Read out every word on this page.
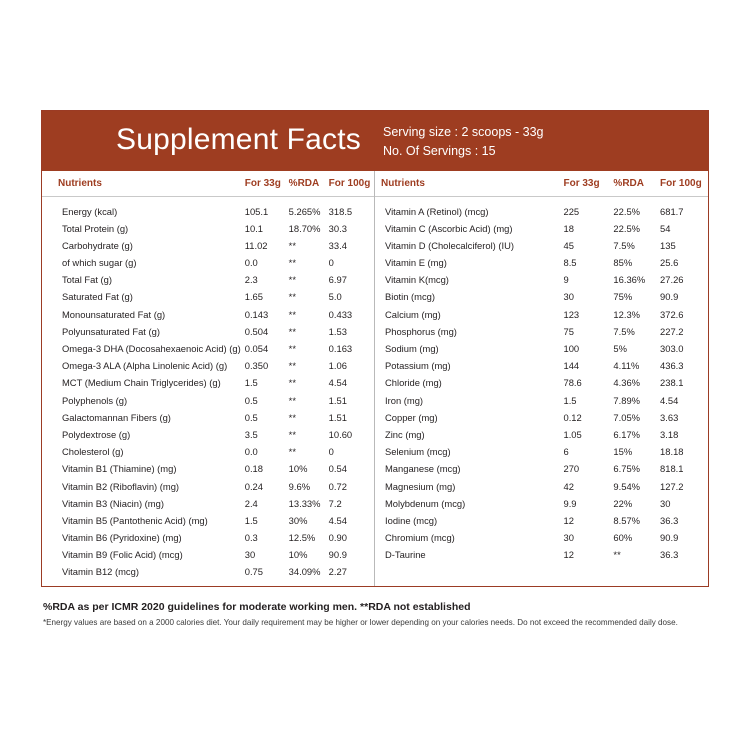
Supplement Facts	Serving size : 2 scoops - 33g
No. Of Servings : 15
Nutrients	For 33g	%RDA	For 100g
Energy (kcal)	105.1	5.265%	318.5
Total Protein (g)	10.1	18.70%	30.3
Carbohydrate (g)	11.02	**	33.4
of which sugar (g)	0.0	**	0
Total Fat (g)	2.3	**	6.97
Saturated Fat (g)	1.65	**	5.0
Monounsaturated Fat (g)	0.143	**	0.433
Polyunsaturated Fat (g)	0.504	**	1.53
Omega-3 DHA (Docosahexaenoic Acid) (g)	0.054	**	0.163
Omega-3 ALA (Alpha Linolenic Acid) (g)	0.350	**	1.06
MCT (Medium Chain Triglycerides) (g)	1.5	**	4.54
Polyphenols (g)	0.5	**	1.51
Galactomannan Fibers (g)	0.5	**	1.51
Polydextrose (g)	3.5	**	10.60
Cholesterol (g)	0.0	**	0
Vitamin B1 (Thiamine) (mg)	0.18	10%	0.54
Vitamin B2 (Riboflavin) (mg)	0.24	9.6%	0.72
Vitamin B3 (Niacin) (mg)	2.4	13.33%	7.2
Vitamin B5 (Pantothenic Acid) (mg)	1.5	30%	4.54
Vitamin B6 (Pyridoxine) (mg)	0.3	12.5%	0.90
Vitamin B9 (Folic Acid) (mcg)	30	10%	90.9
Vitamin B12 (mcg)	0.75	34.09%	2.27
Nutrients	For 33g	%RDA	For 100g
Vitamin A (Retinol) (mcg)	225	22.5%	681.7
Vitamin C (Ascorbic Acid) (mg)	18	22.5%	54
Vitamin D (Cholecalciferol) (IU)	45	7.5%	135
Vitamin E (mg)	8.5	85%	25.6
Vitamin K(mcg)	9	16.36%	27.26
Biotin (mcg)	30	75%	90.9
Calcium (mg)	123	12.3%	372.6
Phosphorus (mg)	75	7.5%	227.2
Sodium (mg)	100	5%	303.0
Potassium (mg)	144	4.11%	436.3
Chloride (mg)	78.6	4.36%	238.1
Iron (mg)	1.5	7.89%	4.54
Copper (mg)	0.12	7.05%	3.63
Zinc (mg)	1.05	6.17%	3.18
Selenium (mcg)	6	15%	18.18
Manganese (mcg)	270	6.75%	818.1
Magnesium (mg)	42	9.54%	127.2
Molybdenum (mcg)	9.9	22%	30
Iodine (mcg)	12	8.57%	36.3
Chromium (mcg)	30	60%	90.9
D-Taurine	12	**	36.3
%RDA as per ICMR 2020 guidelines for moderate working men. **RDA not established
*Energy values are based on a 2000 calories diet. Your daily requirement may be higher or lower depending on your calories needs. Do not exceed the recommended daily dose.
